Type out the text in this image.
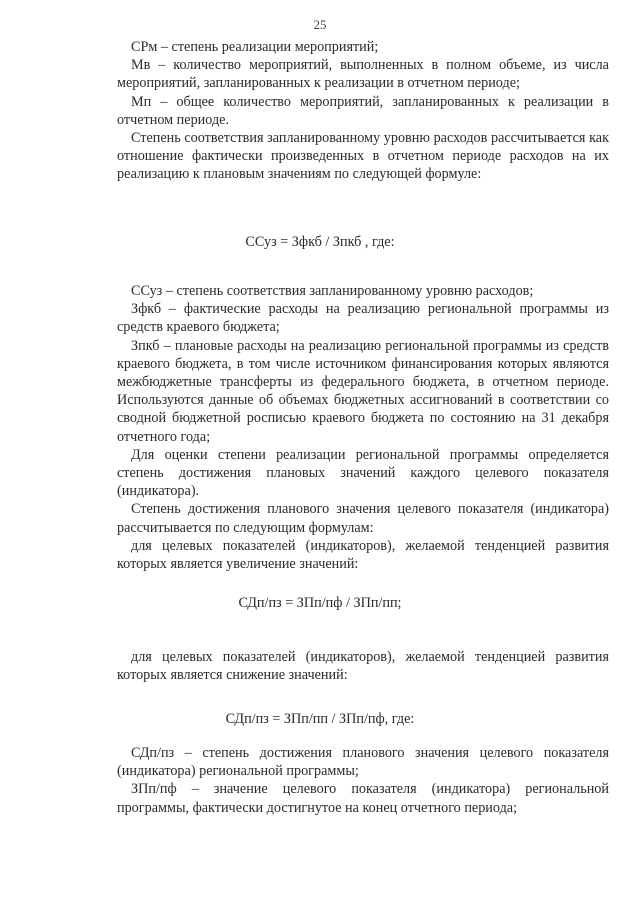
25

СРм – степень реализации мероприятий;

Мв – количество мероприятий, выполненных в полном объеме, из числа мероприятий, запланированных к реализации в отчетном периоде;

Мп – общее количество мероприятий, запланированных к реализации в отчетном периоде.

Степень соответствия запланированному уровню расходов рассчитывается как отношение фактически произведенных в отчетном периоде расходов на их реализацию к плановым значениям по следующей формуле:

ССуз = Зфкб / Зпкб , где:

ССуз – степень соответствия запланированному уровню расходов;

Зфкб – фактические расходы на реализацию региональной программы из средств краевого бюджета;

Зпкб – плановые расходы на реализацию региональной программы из средств краевого бюджета, в том числе источником финансирования которых являются межбюджетные трансферты из федерального бюджета, в отчетном периоде. Используются данные об объемах бюджетных ассигнований в соответствии со сводной бюджетной росписью краевого бюджета по состоянию на 31 декабря отчетного года;

Для оценки степени реализации региональной программы определяется степень достижения плановых значений каждого целевого показателя (индикатора).

Степень достижения планового значения целевого показателя (индикатора) рассчитывается по следующим формулам:

для целевых показателей (индикаторов), желаемой тенденцией развития которых является увеличение значений:

СДп/пз = ЗПп/пф / ЗПп/пп;

для целевых показателей (индикаторов), желаемой тенденцией развития которых является снижение значений:

СДп/пз = ЗПп/пп / ЗПп/пф, где:

СДп/пз – степень достижения планового значения целевого показателя (индикатора) региональной программы;

ЗПп/пф – значение целевого показателя (индикатора) региональной программы, фактически достигнутое на конец отчетного периода;
